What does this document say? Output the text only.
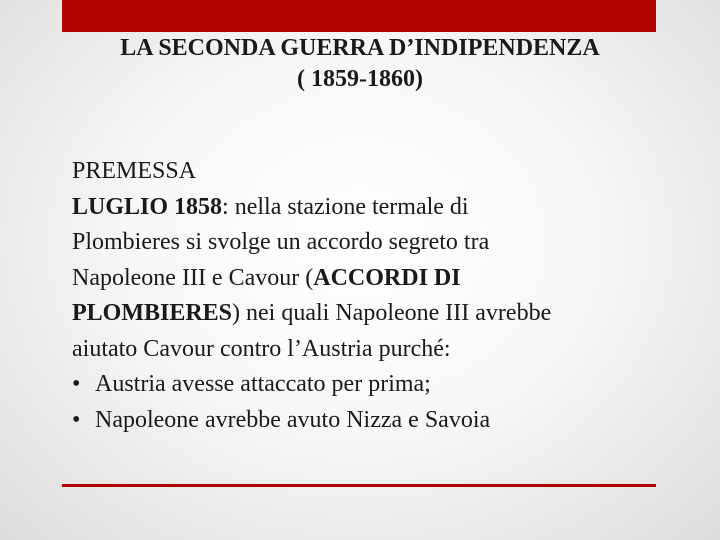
LA SECONDA GUERRA D’INDIPENDENZA
( 1859-1860)
PREMESSA
LUGLIO 1858: nella stazione termale di
Plombieres si svolge un accordo segreto tra
Napoleone III e Cavour (ACCORDI DI
PLOMBIERES) nei quali Napoleone III avrebbe
aiutato Cavour contro l’Austria purché:
• Austria avesse attaccato per prima;
• Napoleone avrebbe avuto Nizza e Savoia
